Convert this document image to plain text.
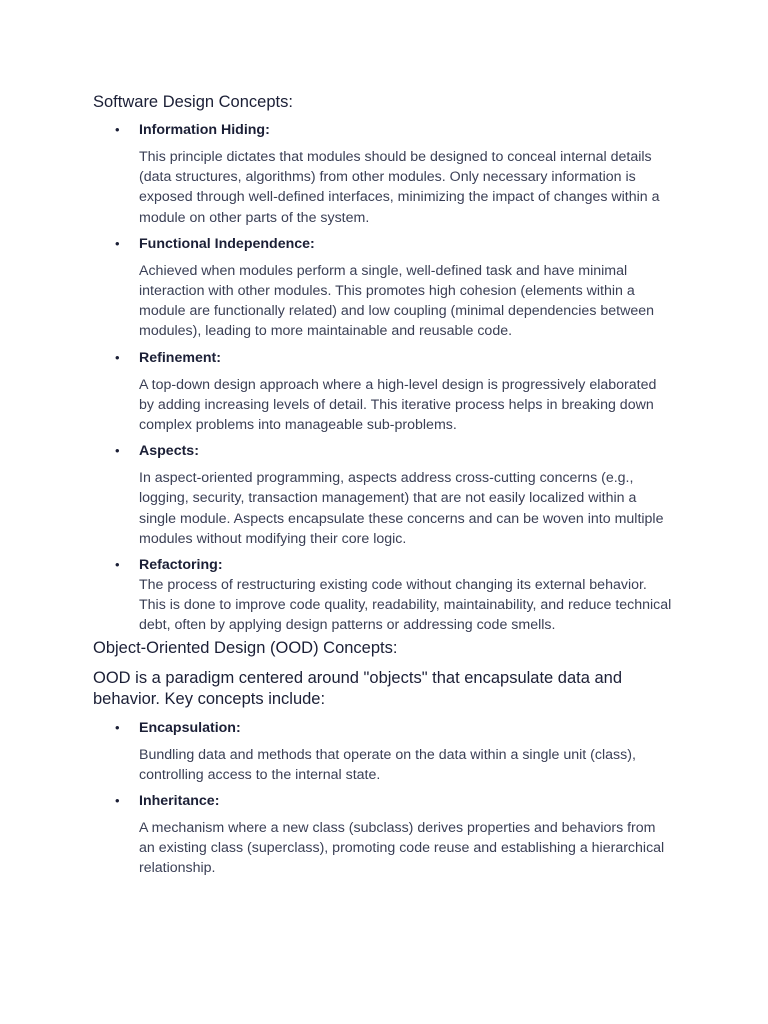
Software Design Concepts:

• Information Hiding:

This principle dictates that modules should be designed to conceal internal details (data structures, algorithms) from other modules. Only necessary information is exposed through well-defined interfaces, minimizing the impact of changes within a module on other parts of the system.

• Functional Independence:

Achieved when modules perform a single, well-defined task and have minimal interaction with other modules. This promotes high cohesion (elements within a module are functionally related) and low coupling (minimal dependencies between modules), leading to more maintainable and reusable code.

• Refinement:

A top-down design approach where a high-level design is progressively elaborated by adding increasing levels of detail. This iterative process helps in breaking down complex problems into manageable sub-problems.

• Aspects:

In aspect-oriented programming, aspects address cross-cutting concerns (e.g., logging, security, transaction management) that are not easily localized within a single module. Aspects encapsulate these concerns and can be woven into multiple modules without modifying their core logic.

• Refactoring:

The process of restructuring existing code without changing its external behavior. This is done to improve code quality, readability, maintainability, and reduce technical debt, often by applying design patterns or addressing code smells.

Object-Oriented Design (OOD) Concepts:

OOD is a paradigm centered around "objects" that encapsulate data and behavior. Key concepts include:

• Encapsulation:

Bundling data and methods that operate on the data within a single unit (class), controlling access to the internal state.

• Inheritance:

A mechanism where a new class (subclass) derives properties and behaviors from an existing class (superclass), promoting code reuse and establishing a hierarchical relationship.
